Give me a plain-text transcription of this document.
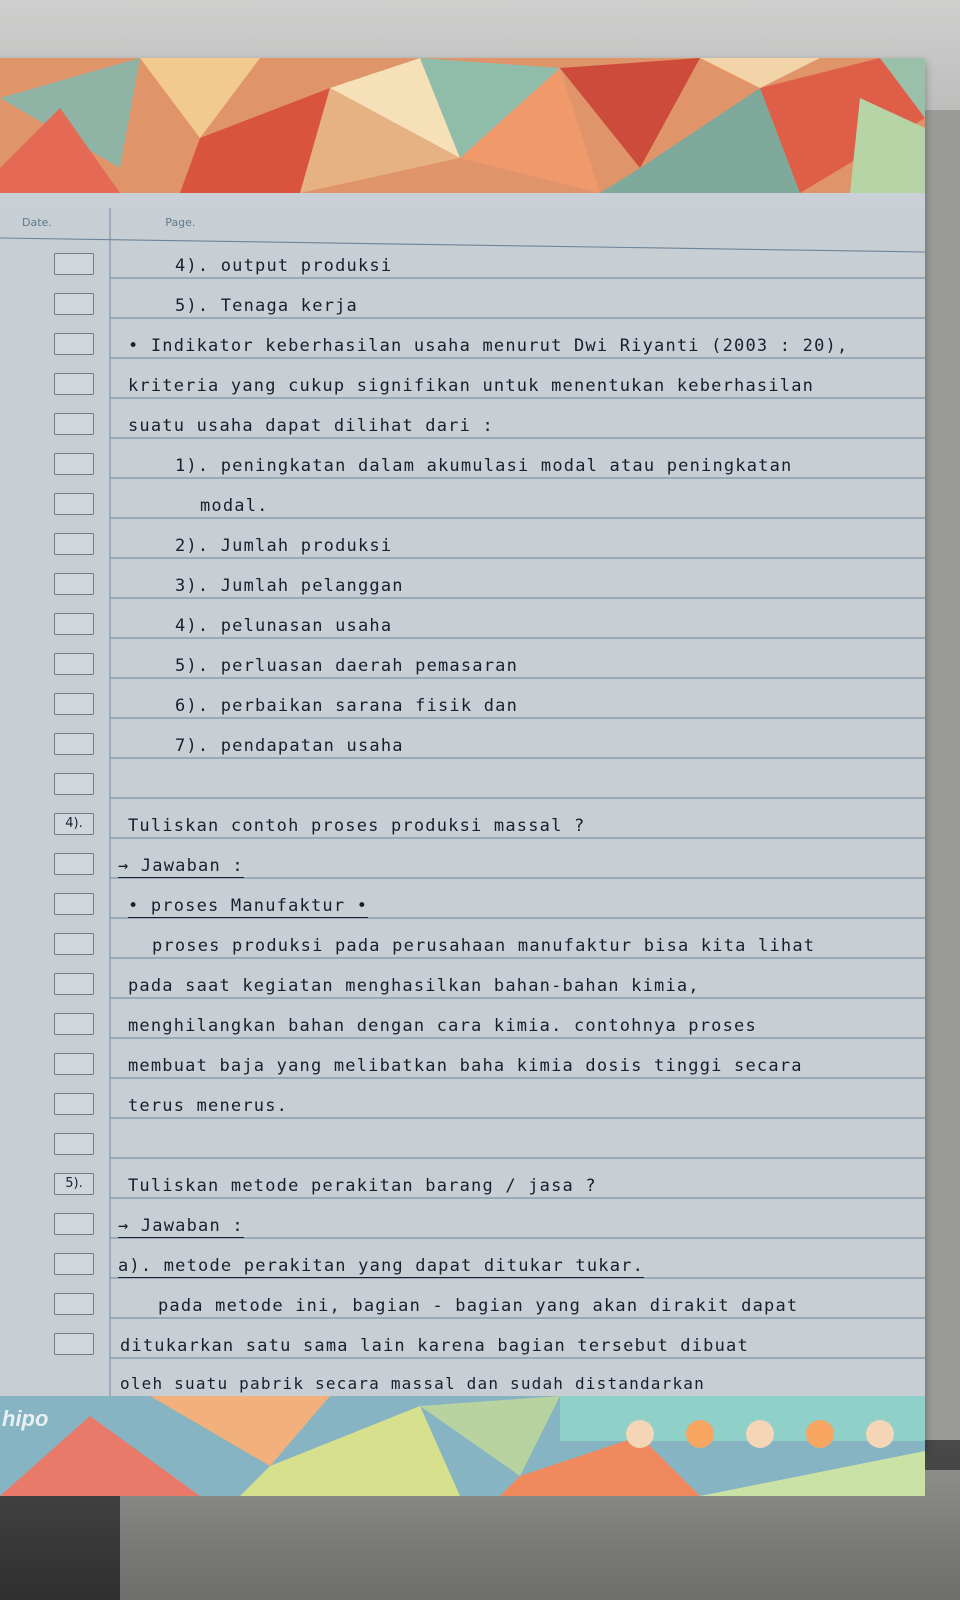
Date.	Page.
4).
5).
4). output produksi
5). Tenaga kerja
• Indikator keberhasilan usaha menurut Dwi Riyanti (2003 : 20),
kriteria yang cukup signifikan untuk menentukan keberhasilan
suatu usaha dapat dilihat dari :
1). peningkatan dalam akumulasi modal atau peningkatan
modal.
2). Jumlah produksi
3). Jumlah pelanggan
4). pelunasan usaha
5). perluasan daerah pemasaran
6). perbaikan sarana fisik dan
7). pendapatan usaha
Tuliskan contoh proses produksi massal ?
→ Jawaban :
• proses Manufaktur •
proses produksi pada perusahaan manufaktur bisa kita lihat
pada saat kegiatan menghasilkan bahan-bahan kimia,
menghilangkan bahan dengan cara kimia. contohnya proses
membuat baja yang melibatkan baha kimia dosis tinggi secara
terus menerus.
Tuliskan metode perakitan barang / jasa ?
→ Jawaban :
a). metode perakitan yang dapat ditukar tukar.
pada metode ini, bagian - bagian yang akan dirakit dapat
ditukarkan satu sama lain karena bagian tersebut dibuat
oleh suatu pabrik secara massal dan sudah distandarkan
hipo
